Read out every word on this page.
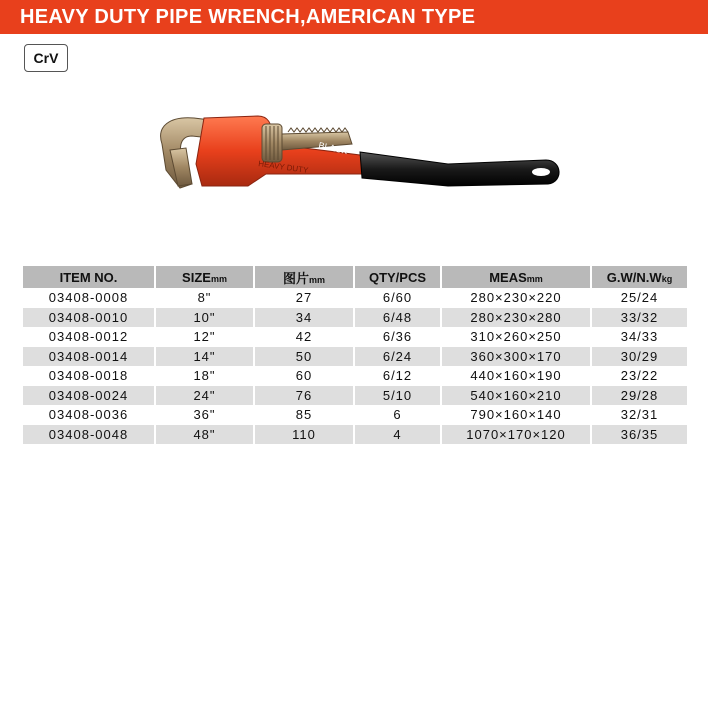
HEAVY DUTY PIPE WRENCH,AMERICAN TYPE
CrV
BLACK
HEAVY DUTY
ITEM NO.	SIZEmm	图片mm	QTY/PCS	MEASmm	G.W/N.Wkg
03408-0008	8"	27	6/60	280×230×220	25/24
03408-0010	10"	34	6/48	280×230×280	33/32
03408-0012	12"	42	6/36	310×260×250	34/33
03408-0014	14"	50	6/24	360×300×170	30/29
03408-0018	18"	60	6/12	440×160×190	23/22
03408-0024	24"	76	5/10	540×160×210	29/28
03408-0036	36"	85	6	790×160×140	32/31
03408-0048	48"	110	4	1070×170×120	36/35
